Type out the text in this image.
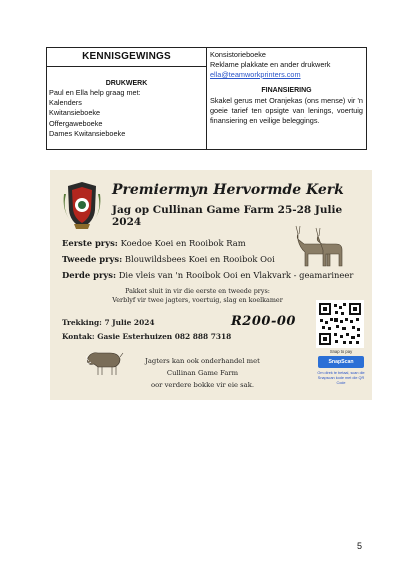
KENNISGEWINGS
DRUKWERK
Paul en Ella help graag met:
Kalenders
Kwitansieboeke
Offergaweboeke
Dames Kwitansieboeke
Konsistorieboeke
Reklame plakkate en ander drukwerk
ella@teamworkprinters.com
FINANSIERING
Skakel gerus met Oranjekas (ons mense) vir 'n goeie tarief ten opsigte van lenings, voertuig finansiering en veilige beleggings.
Premiermyn Hervormde Kerk
Jag op Cullinan Game Farm 25-28 Julie 2024
Eerste prys: Koedoe Koei en Rooibok Ram
Tweede prys: Blouwildsbees Koei en Rooibok Ooi
Derde prys: Die vleis van 'n Rooibok Ooi en Vlakvark - geamarineer
Pakket sluit in vir die eerste en tweede prys:
Verblyf vir twee jagters, voertuig, slag en koelkamer
Trekking: 7 Julie 2024
Kontak: Gasie Esterhuizen 082 888 7318
R200-00
Jagters kan ook onderhandel met
Cullinan Game Farm
oor verdere bokke vir eie sak.
Snap to pay
SnapScan
Om direk te betaal, scan die Snapscan kode met die QR Code
5
